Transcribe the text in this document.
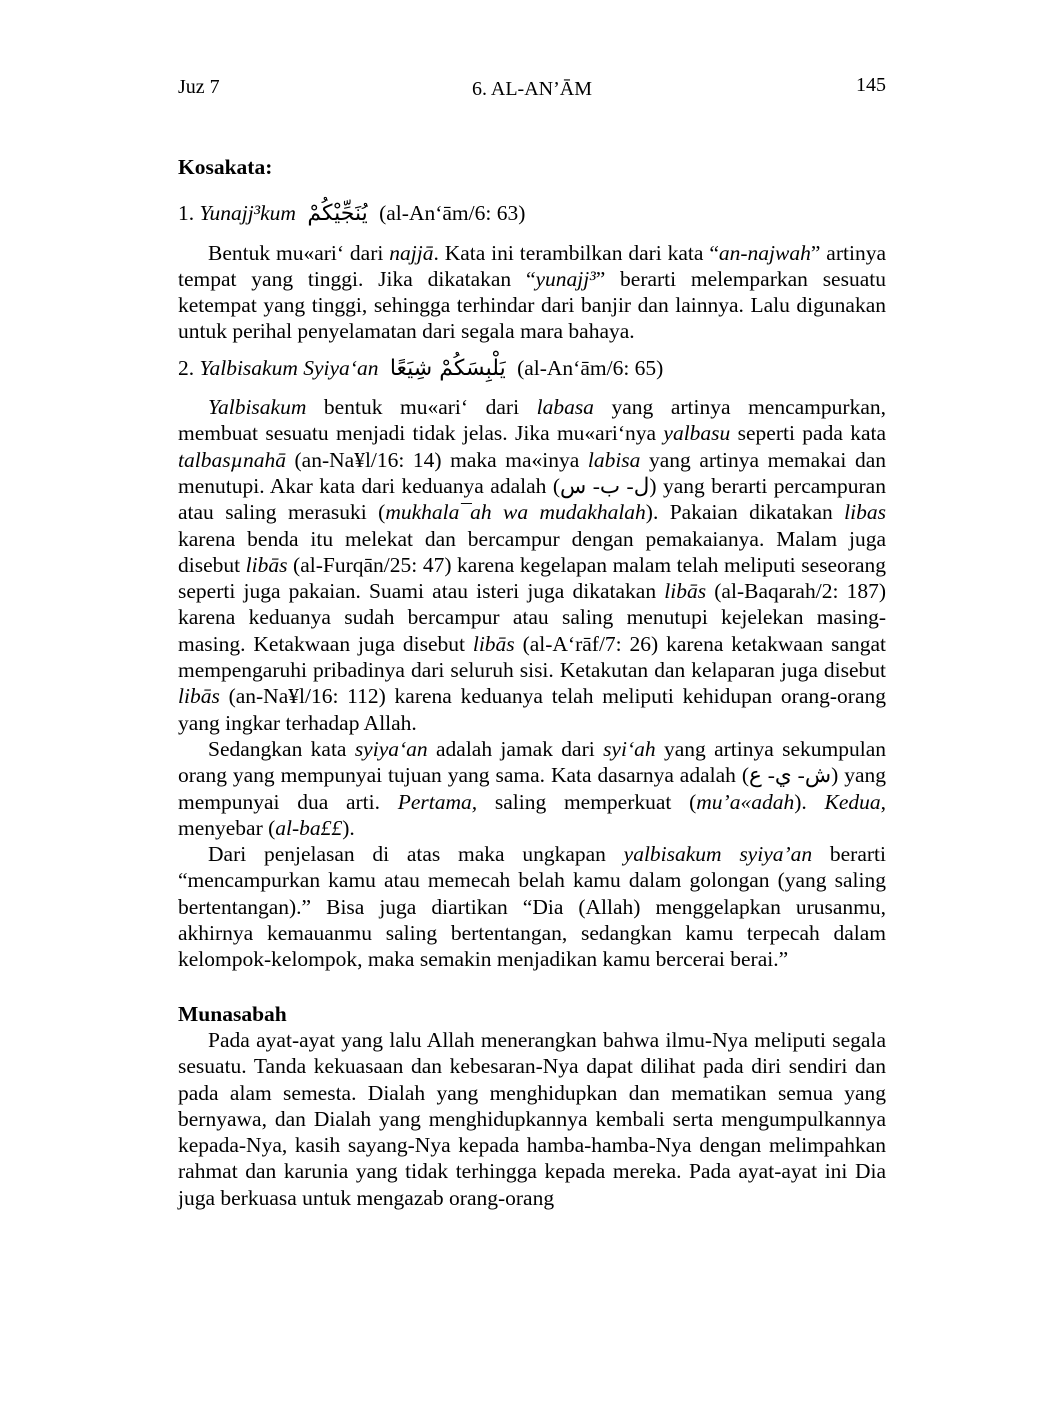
Juz 7	6. AL-AN’ĀM	145
Kosakata:
1. Yunajj³kum يُنَجِّيْكُمْ (al-An‘ām/6: 63)

Bentuk mu«ari‘ dari najjā. Kata ini terambilkan dari kata “an-najwah” artinya tempat yang tinggi. Jika dikatakan “yunajj³” berarti melemparkan sesuatu ketempat yang tinggi, sehingga terhindar dari banjir dan lainnya. Lalu digunakan untuk perihal penyelamatan dari segala mara bahaya.

2. Yalbisakum Syiya‘an يَلْبِسَكُمْ شِيَعًا (al-An‘ām/6: 65)

Yalbisakum bentuk mu«ari‘ dari labasa yang artinya mencampurkan, membuat sesuatu menjadi tidak jelas. Jika mu«ari‘nya yalbasu seperti pada kata talbasµnahā (an-Na¥l/16: 14) maka ma«inya labisa yang artinya memakai dan menutupi. Akar kata dari keduanya adalah (ل- ب- س) yang berarti percampuran atau saling merasuki (mukhala¯ah wa mudakhalah). Pakaian dikatakan libas karena benda itu melekat dan bercampur dengan pemakaianya. Malam juga disebut libās (al-Furqān/25: 47) karena kegelapan malam telah meliputi seseorang seperti juga pakaian. Suami atau isteri juga dikatakan libās (al-Baqarah/2: 187) karena keduanya sudah bercampur atau saling menutupi kejelekan masing-masing. Ketakwaan juga disebut libās (al-A‘rāf/7: 26) karena ketakwaan sangat mempengaruhi pribadinya dari seluruh sisi. Ketakutan dan kelaparan juga disebut libās (an-Na¥l/16: 112) karena keduanya telah meliputi kehidupan orang-orang yang ingkar terhadap Allah.

Sedangkan kata syiya‘an adalah jamak dari syi‘ah yang artinya sekumpulan orang yang mempunyai tujuan yang sama. Kata dasarnya adalah (ش- ي- ع) yang mempunyai dua arti. Pertama, saling memperkuat (mu’a«adah). Kedua, menyebar (al-ba££).

Dari penjelasan di atas maka ungkapan yalbisakum syiya’an berarti “mencampurkan kamu atau memecah belah kamu dalam golongan (yang saling bertentangan).” Bisa juga diartikan “Dia (Allah) menggelapkan urusanmu, akhirnya kemauanmu saling bertentangan, sedangkan kamu terpecah dalam kelompok-kelompok, maka semakin menjadikan kamu bercerai berai.”

Munasabah

Pada ayat-ayat yang lalu Allah menerangkan bahwa ilmu-Nya meliputi segala sesuatu. Tanda kekuasaan dan kebesaran-Nya dapat dilihat pada diri sendiri dan pada alam semesta. Dialah yang menghidupkan dan mematikan semua yang bernyawa, dan Dialah yang menghidupkannya kembali serta mengumpulkannya kepada-Nya, kasih sayang-Nya kepada hamba-hamba-Nya dengan melimpahkan rahmat dan karunia yang tidak terhingga kepada mereka. Pada ayat-ayat ini Dia juga berkuasa untuk mengazab orang-orang
